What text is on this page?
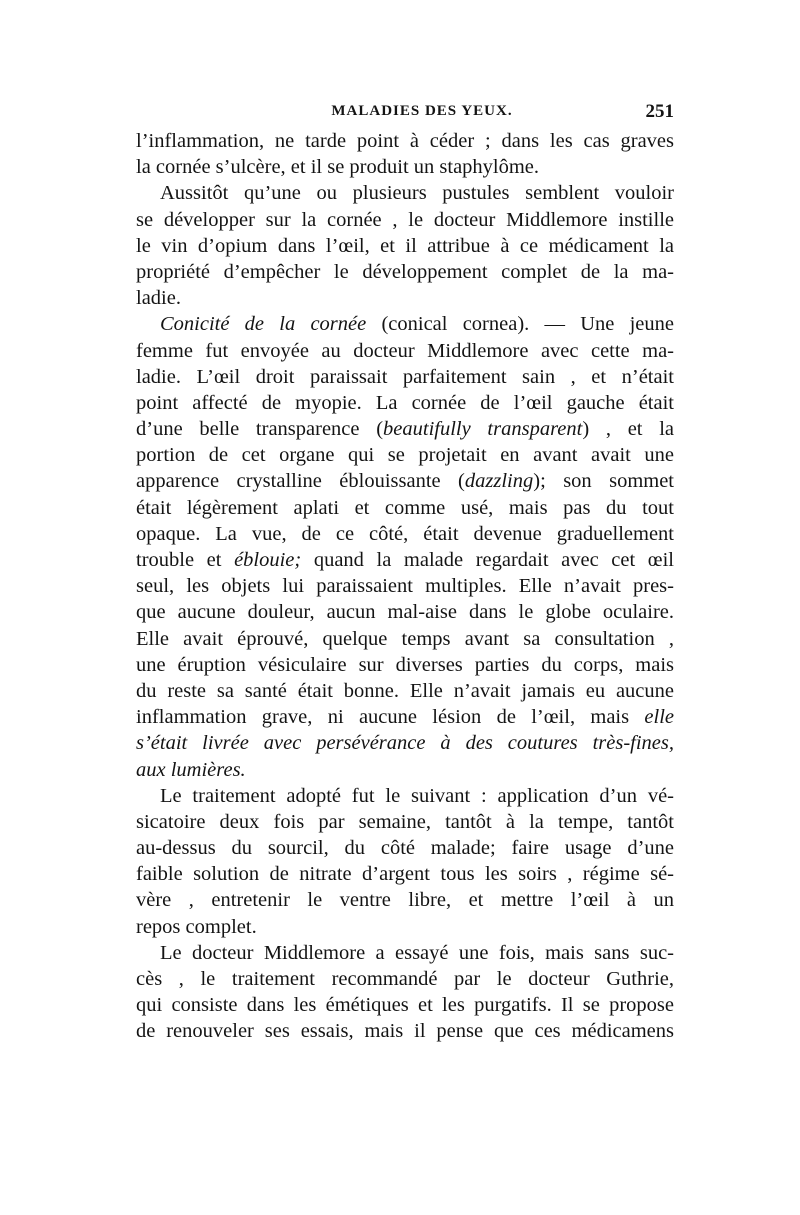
MALADIES DES YEUX.	251
l’inflammation, ne tarde point à céder ; dans les cas graves
la cornée s’ulcère, et il se produit un staphylôme.
Aussitôt qu’une ou plusieurs pustules semblent vouloir
se développer sur la cornée , le docteur Middlemore instille
le vin d’opium dans l’œil, et il attribue à ce médicament la
propriété d’empêcher le développement complet de la ma-
ladie.
Conicité de la cornée (conical cornea). — Une jeune
femme fut envoyée au docteur Middlemore avec cette ma-
ladie. L’œil droit paraissait parfaitement sain , et n’était
point affecté de myopie. La cornée de l’œil gauche était
d’une belle transparence (beautifully transparent) , et la
portion de cet organe qui se projetait en avant avait une
apparence crystalline éblouissante (dazzling); son sommet
était légèrement aplati et comme usé, mais pas du tout
opaque. La vue, de ce côté, était devenue graduellement
trouble et éblouie; quand la malade regardait avec cet œil
seul, les objets lui paraissaient multiples. Elle n’avait pres-
que aucune douleur, aucun mal-aise dans le globe oculaire.
Elle avait éprouvé, quelque temps avant sa consultation ,
une éruption vésiculaire sur diverses parties du corps, mais
du reste sa santé était bonne. Elle n’avait jamais eu aucune
inflammation grave, ni aucune lésion de l’œil, mais elle
s’était livrée avec persévérance à des coutures très-fines,
aux lumières.
Le traitement adopté fut le suivant : application d’un vé-
sicatoire deux fois par semaine, tantôt à la tempe, tantôt
au-dessus du sourcil, du côté malade; faire usage d’une
faible solution de nitrate d’argent tous les soirs , régime sé-
vère , entretenir le ventre libre, et mettre l’œil à un
repos complet.
Le docteur Middlemore a essayé une fois, mais sans suc-
cès , le traitement recommandé par le docteur Guthrie,
qui consiste dans les émétiques et les purgatifs. Il se propose
de renouveler ses essais, mais il pense que ces médicamens
